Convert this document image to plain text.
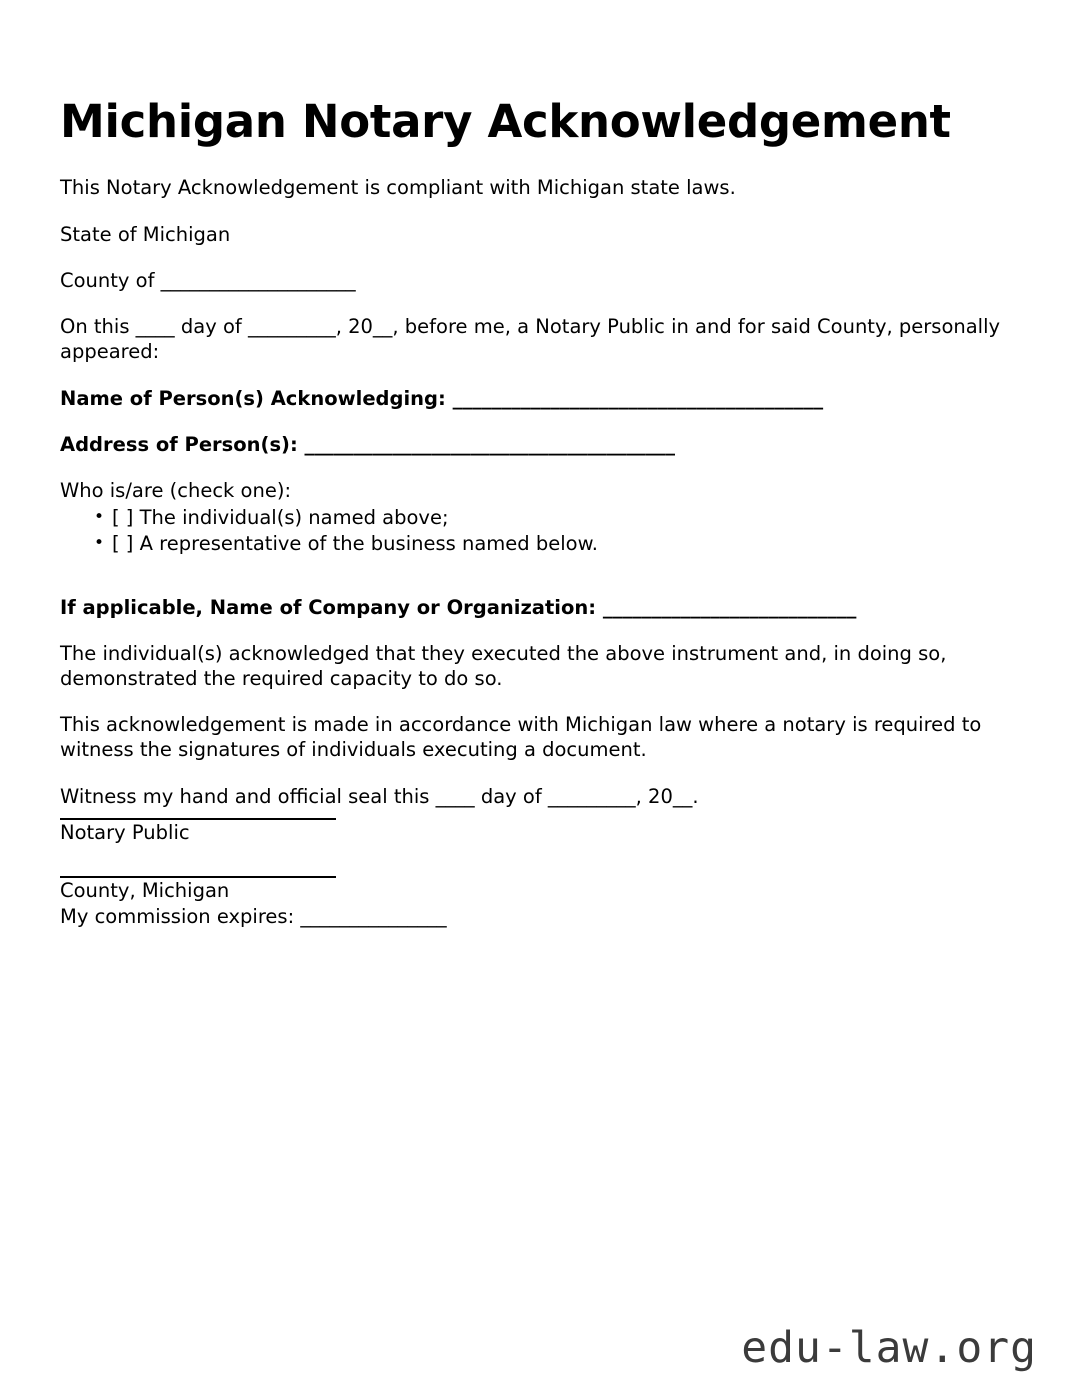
Michigan Notary Acknowledgement

This Notary Acknowledgement is compliant with Michigan state laws.

State of Michigan

County of ____________________

On this ____ day of _________, 20__, before me, a Notary Public in and for said County, personally appeared:

Name of Person(s) Acknowledging: ______________________________________

Address of Person(s): ______________________________________

Who is/are (check one):

• [ ] The individual(s) named above;
• [ ] A representative of the business named below.

If applicable, Name of Company or Organization: __________________________

The individual(s) acknowledged that they executed the above instrument and, in doing so, demonstrated the required capacity to do so.

This acknowledgement is made in accordance with Michigan law where a notary is required to witness the signatures of individuals executing a document.

Witness my hand and official seal this ____ day of _________, 20__.

Notary Public
County, Michigan
My commission expires: _______________
edu-law.org
